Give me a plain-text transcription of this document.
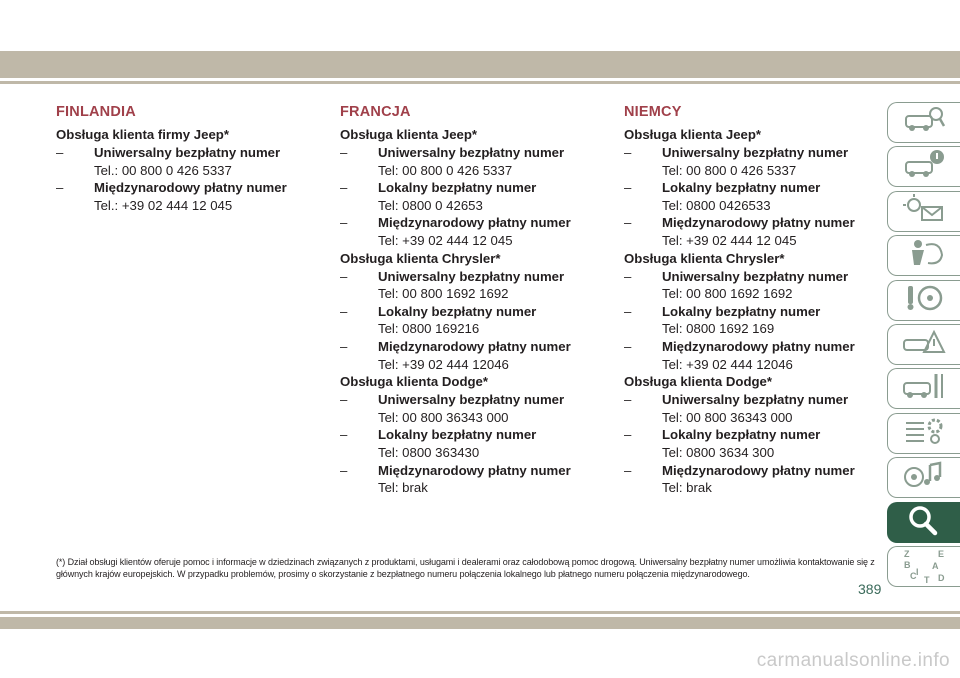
FINLANDIA
Obsługa klienta firmy Jeep*
– Uniwersalny bezpłatny numer
Tel.: 00 800 0 426 5337
– Międzynarodowy płatny numer
Tel.: +39 02 444 12 045
FRANCJA
Obsługa klienta Jeep*
– Uniwersalny bezpłatny numer
Tel: 00 800 0 426 5337
– Lokalny bezpłatny numer
Tel: 0800 0 42653
– Międzynarodowy płatny numer
Tel: +39 02 444 12 045
Obsługa klienta Chrysler*
– Uniwersalny bezpłatny numer
Tel: 00 800 1692 1692
– Lokalny bezpłatny numer
Tel: 0800 169216
– Międzynarodowy płatny numer
Tel: +39 02 444 12046
Obsługa klienta Dodge*
– Uniwersalny bezpłatny numer
Tel: 00 800 36343 000
– Lokalny bezpłatny numer
Tel: 0800 363430
– Międzynarodowy płatny numer
Tel: brak
NIEMCY
Obsługa klienta Jeep*
– Uniwersalny bezpłatny numer
Tel: 00 800 0 426 5337
– Lokalny bezpłatny numer
Tel: 0800 0426533
– Międzynarodowy płatny numer
Tel: +39 02 444 12 045
Obsługa klienta Chrysler*
– Uniwersalny bezpłatny numer
Tel: 00 800 1692 1692
– Lokalny bezpłatny numer
Tel: 0800 1692 169
– Międzynarodowy płatny numer
Tel: +39 02 444 12046
Obsługa klienta Dodge*
– Uniwersalny bezpłatny numer
Tel: 00 800 36343 000
– Lokalny bezpłatny numer
Tel: 0800 3634 300
– Międzynarodowy płatny numer
Tel: brak
(*) Dział obsługi klientów oferuje pomoc i informacje w dziedzinach związanych z produktami, usługami i dealerami oraz całodobową pomoc drogową. Uniwersalny bezpłatny numer umożliwia kontaktowanie się z głównych krajów europejskich. W przypadku problemów, prosimy o skorzystanie z bezpłatnego numeru połączenia lokalnego lub płatnego numeru połączenia międzynarodowego.
389
carmanualsonline.info
Z	E
B A
I
C T D
